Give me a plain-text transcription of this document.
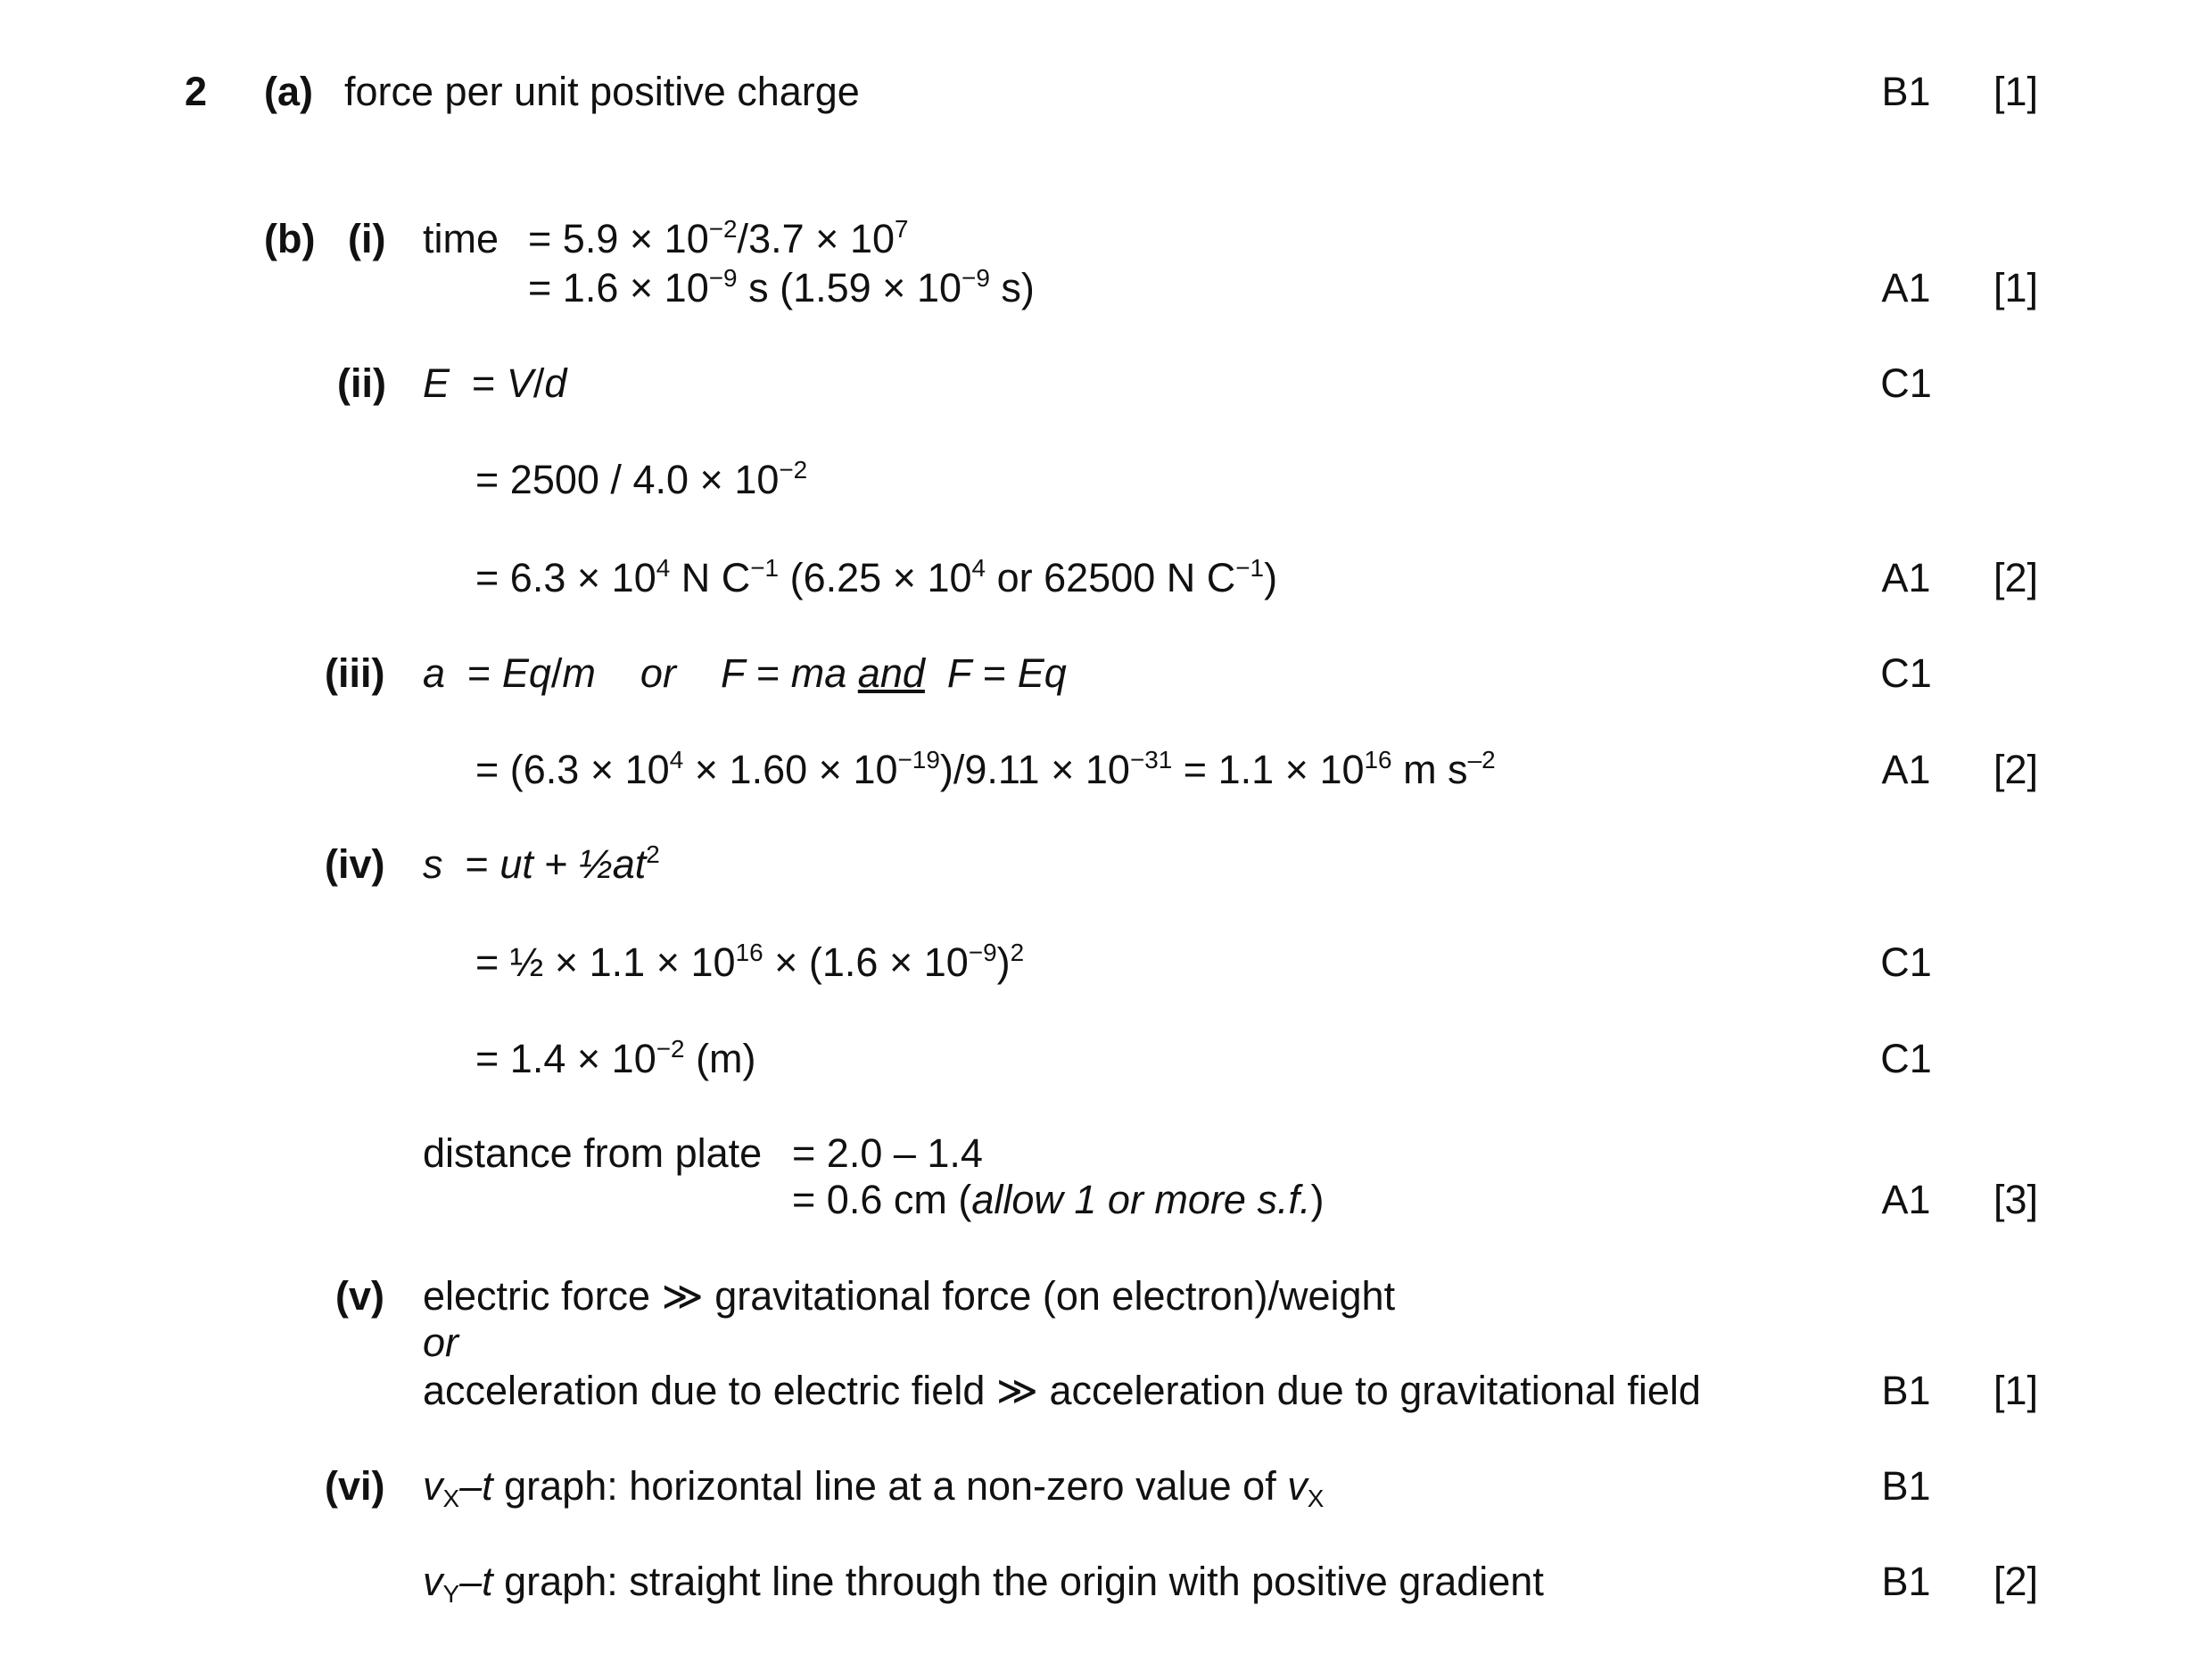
2 (a) force per unit positive charge	B1	[1]
(b) (i) time = $5.9 \times 10^{-2}/3.7 \times 10^7$
= $1.6 \times 10^{-9}$ s ($1.59 \times 10^{-9}$ s)	A1	[1]
(ii) E = V/d	C1
= $2500 / 4.0 \times 10^{-2}$
= $6.3 \times 10^4$ N $C^{-1}$ ($6.25 \times 10^4$ or 62500 N $C^{-1}$)	A1	[2]
(iii) a = Eq/m or F = ma and F = Eq	C1
= $(6.3 \times 10^4 \times 1.60 \times 10^{-19})/9.11 \times 10^{-31} = 1.1 \times 10^{16}$ m $s^{-2}$	A1	[2]
(iv) s = ut + $\frac{1}{2}at^2$
= ½ × $1.1 \times 10^{16} \times (1.6 \times 10^{-9})^2$	C1
= $1.4 \times 10^{-2}$ (m)	C1
distance from plate = 2.0 – 1.4
= 0.6 cm (allow 1 or more s.f.)	A1	[3]
(v) electric force ≫ gravitational force (on electron)/weight
or
acceleration due to electric field ≫ acceleration due to gravitational field	B1	[1]
(vi) $v_X-t$ graph: horizontal line at a non-zero value of $v_X$	B1
$v_Y-t$ graph: straight line through the origin with positive gradient	B1	[2]
